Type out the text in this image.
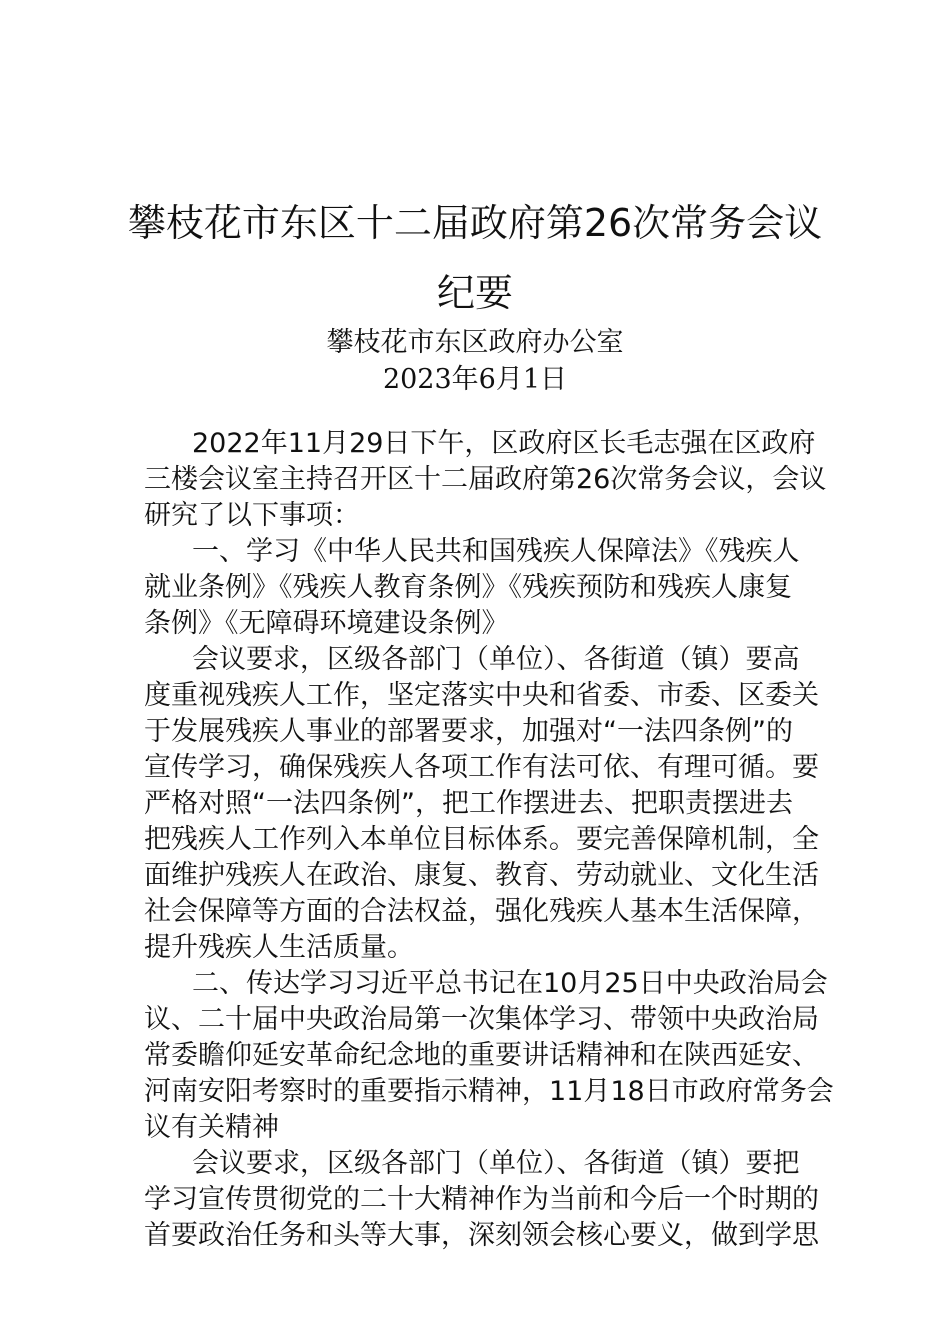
攀枝花市东区十二届政府第26次常务会议
纪要
攀枝花市东区政府办公室
2023年6月1日
2022年11月29日下午，区政府区长毛志强在区政府
三楼会议室主持召开区十二届政府第26次常务会议，会议
研究了以下事项：
一、学习《中华人民共和国残疾人保障法》《残疾人
就业条例》《残疾人教育条例》《残疾预防和残疾人康复
条例》《无障碍环境建设条例》
会议要求，区级各部门（单位）、各街道（镇）要高
度重视残疾人工作，坚定落实中央和省委、市委、区委关
于发展残疾人事业的部署要求，加强对“一法四条例”的
宣传学习，确保残疾人各项工作有法可依、有理可循。要
严格对照“一法四条例”，把工作摆进去、把职责摆进去
把残疾人工作列入本单位目标体系。要完善保障机制，全
面维护残疾人在政治、康复、教育、劳动就业、文化生活
社会保障等方面的合法权益，强化残疾人基本生活保障，
提升残疾人生活质量。
二、传达学习习近平总书记在10月25日中央政治局会
议、二十届中央政治局第一次集体学习、带领中央政治局
常委瞻仰延安革命纪念地的重要讲话精神和在陕西延安、
河南安阳考察时的重要指示精神，11月18日市政府常务会
议有关精神
会议要求，区级各部门（单位）、各街道（镇）要把
学习宣传贯彻党的二十大精神作为当前和今后一个时期的
首要政治任务和头等大事，深刻领会核心要义，做到学思
